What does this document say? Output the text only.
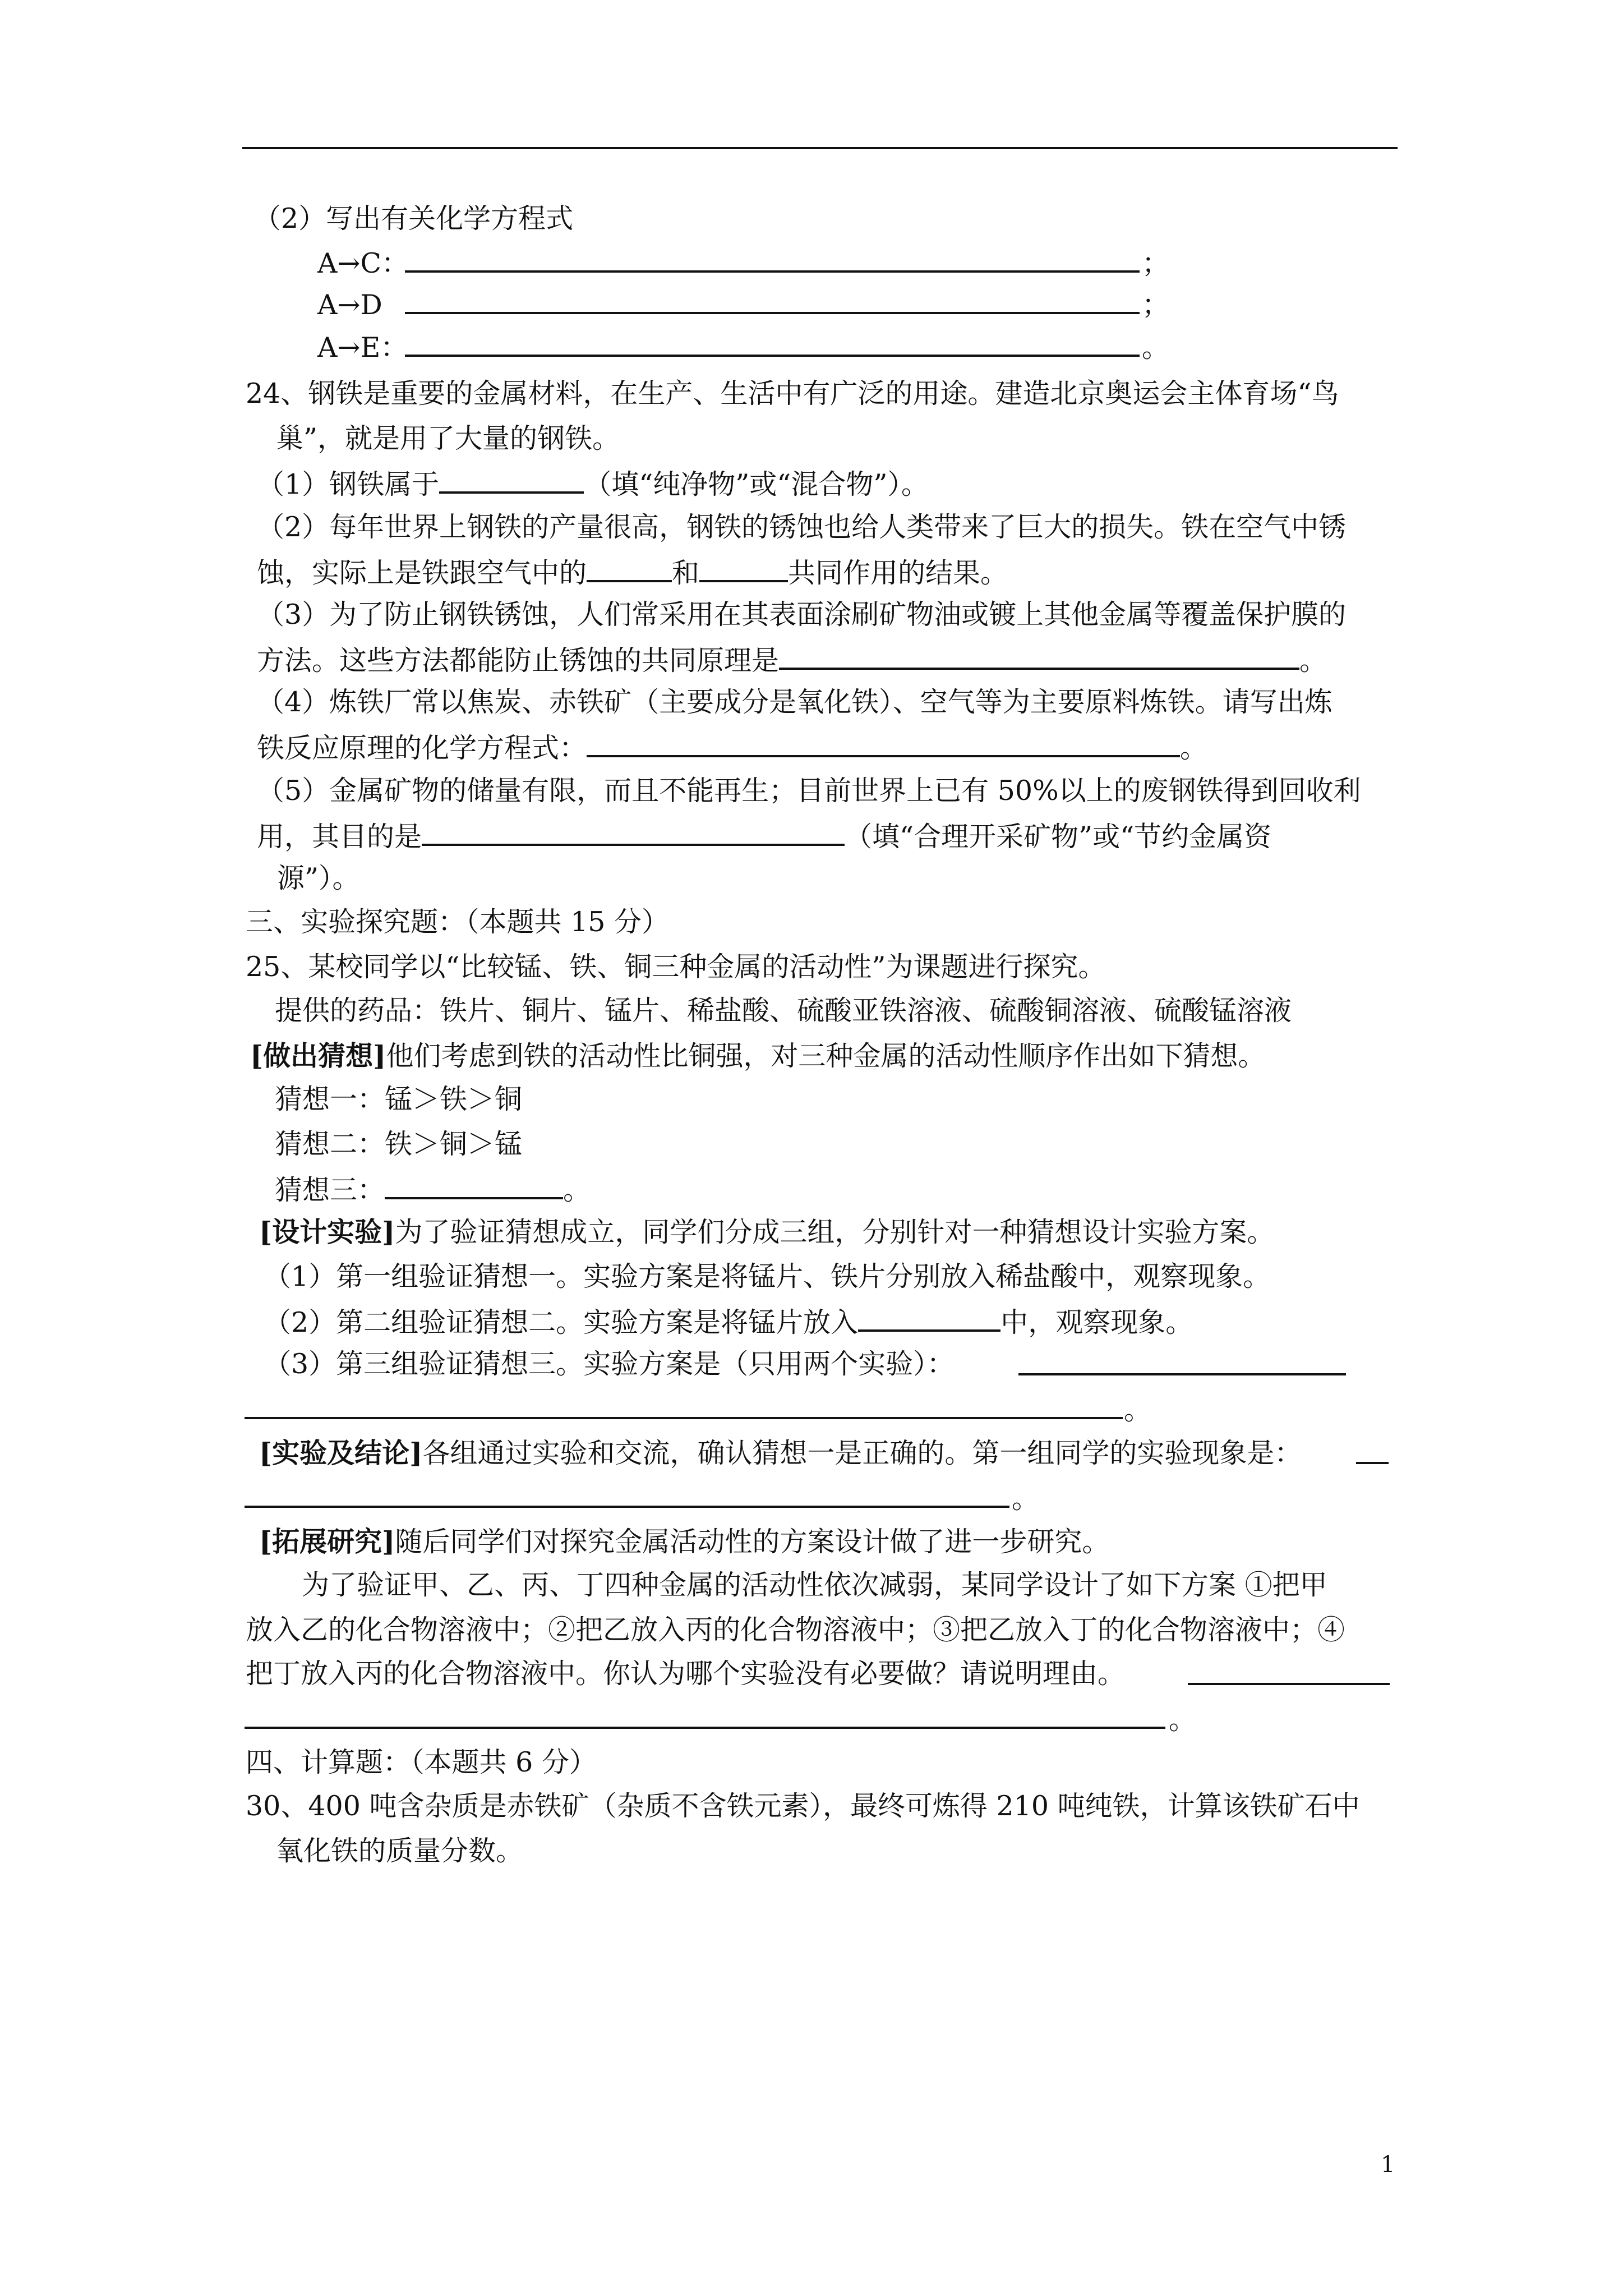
（2）写出有关化学方程式
A→C：	；
A→D	；
A→E：	。
24、钢铁是重要的金属材料，在生产、生活中有广泛的用途。建造北京奥运会主体育场“鸟
巢”，就是用了大量的钢铁。
（1）钢铁属于	（填“纯净物”或“混合物”）。
（2）每年世界上钢铁的产量很高，钢铁的锈蚀也给人类带来了巨大的损失。铁在空气中锈
蚀，实际上是铁跟空气中的	和	共同作用的结果。
（3）为了防止钢铁锈蚀，人们常采用在其表面涂刷矿物油或镀上其他金属等覆盖保护膜的
方法。这些方法都能防止锈蚀的共同原理是	。
（4）炼铁厂常以焦炭、赤铁矿（主要成分是氧化铁）、空气等为主要原料炼铁。请写出炼
铁反应原理的化学方程式：	。
（5）金属矿物的储量有限，而且不能再生；目前世界上已有 50%以上的废钢铁得到回收利
用，其目的是	（填“合理开采矿物”或“节约金属资
源”）。
三、实验探究题：（本题共 15 分）
25、某校同学以“比较锰、铁、铜三种金属的活动性”为课题进行探究。
提供的药品：铁片、铜片、锰片、稀盐酸、硫酸亚铁溶液、硫酸铜溶液、硫酸锰溶液
[做出猜想]他们考虑到铁的活动性比铜强，对三种金属的活动性顺序作出如下猜想。
猜想一：锰＞铁＞铜
猜想二：铁＞铜＞锰
猜想三：	。
[设计实验]为了验证猜想成立，同学们分成三组，分别针对一种猜想设计实验方案。
（1）第一组验证猜想一。实验方案是将锰片、铁片分别放入稀盐酸中，观察现象。
（2）第二组验证猜想二。实验方案是将锰片放入	中，观察现象。
（3）第三组验证猜想三。实验方案是（只用两个实验）：
。
[实验及结论]各组通过实验和交流，确认猜想一是正确的。第一组同学的实验现象是：
。
[拓展研究]随后同学们对探究金属活动性的方案设计做了进一步研究。
为了验证甲、乙、丙、丁四种金属的活动性依次减弱，某同学设计了如下方案 ①把甲
放入乙的化合物溶液中；②把乙放入丙的化合物溶液中；③把乙放入丁的化合物溶液中；④
把丁放入丙的化合物溶液中。你认为哪个实验没有必要做？请说明理由。
。
四、计算题：（本题共 6 分）
30、400 吨含杂质是赤铁矿（杂质不含铁元素），最终可炼得 210 吨纯铁，计算该铁矿石中
氧化铁的质量分数。
1
